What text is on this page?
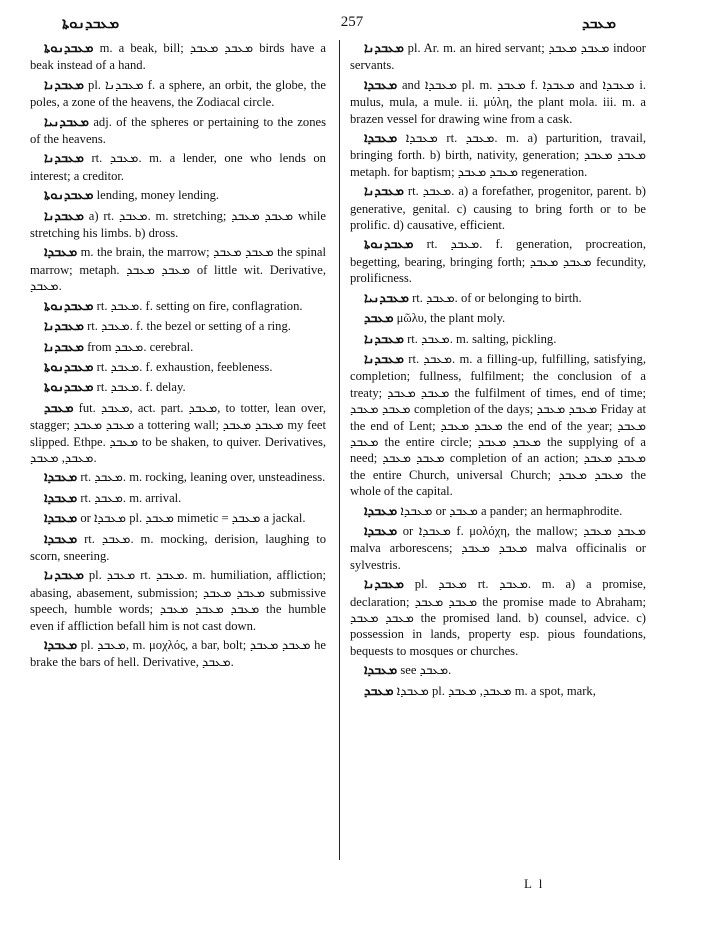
ܡܥܒܕܢܘܬܐ	257	ܡܥܒܕ
ܡܥܒܕܢܘܬܐ m. a beak, bill; ܡܥܒܕ ܡܥܒܕ birds have a beak instead of a hand.
ܡܥܒܕܢܐ pl. ܡܥܒܕܢܐ f. a sphere, an orbit, the globe, the poles, a zone of the heavens, the Zodiacal circle.
ܡܥܒܕܢܝܐ adj. of the spheres or pertaining to the zones of the heavens.
ܡܥܒܕܢܐ rt. ܡܥܒܕ. m. a lender, one who lends on interest; a creditor.
ܡܥܒܕܢܘܬܐ lending, money lending.
ܡܥܒܕܢܐ a) rt. ܡܥܒܕ. m. stretching; ܡܥܒܕ ܡܥܒܕ while stretching his limbs. b) dross.
ܡܥܒܕܐ m. the brain, the marrow; ܡܥܒܕ ܡܥܒܕ the spinal marrow; metaph. ܡܥܒܕ ܡܥܒܕ of little wit. Derivative, ܡܥܒܕ.
ܡܥܒܕܢܘܬܐ rt. ܡܥܒܕ. f. setting on fire, conflagration.
ܡܥܒܕܢܐ rt. ܡܥܒܕ. f. the bezel or setting of a ring.
ܡܥܒܕܢܐ from ܡܥܒܕ. cerebral.
ܡܥܒܕܢܘܬܐ rt. ܡܥܒܕ. f. exhaustion, feebleness.
ܡܥܒܕܢܘܬܐ rt. ܡܥܒܕ. f. delay.
ܡܥܒܕ fut. ܡܥܒܕ, act. part. ܡܥܒܕ, to totter, lean over, stagger; ܡܥܒܕ ܡܥܒܕ a tottering wall; ܡܥܒܕ ܡܥܒܕ my feet slipped. Ethpe. ܡܥܒܕ to be shaken, to quiver. Derivatives, ܡܥܒܕ, ܡܥܒܕ.
ܡܥܒܕܐ rt. ܡܥܒܕ. m. rocking, leaning over, unsteadiness.
ܡܥܒܕܐ rt. ܡܥܒܕ. m. arrival.
ܡܥܒܕܐ or ܡܥܒܕܐ pl. ܡܥܒܕ mimetic = ܡܥܒܕ a jackal.
ܡܥܒܕܐ rt. ܡܥܒܕ. m. mocking, derision, laughing to scorn, sneering.
ܡܥܒܕܢܐ pl. ܡܥܒܕ rt. ܡܥܒܕ. m. humiliation, affliction; abasing, abasement, submission; ܡܥܒܕ ܡܥܒܕ submissive speech, humble words; ܡܥܒܕ ܡܥܒܕ ܡܥܒܕ the humble even if affliction befall him is not cast down.
ܡܥܒܕܐ pl. ܡܥܒܕ, m. μοχλός, a bar, bolt; ܡܥܒܕ ܡܥܒܕ he brake the bars of hell. Derivative, ܡܥܒܕ.
ܡܥܒܕܢܐ pl. Ar. m. an hired servant; ܡܥܒܕ ܡܥܒܕ indoor servants.
ܡܥܒܕܐ and ܡܥܒܕܐ pl. m. ܡܥܒܕ f. ܡܥܒܕܐ and ܡܥܒܕܐ i. mulus, mula, a mule. ii. μύλη, the plant mola. iii. m. a brazen vessel for drawing wine from a cask.
ܡܥܒܕܐ ܡܥܒܕܐ rt. ܡܥܒܕ. m. a) parturition, travail, bringing forth. b) birth, nativity, generation; ܡܥܒܕ ܡܥܒܕ metaph. for baptism; ܡܥܒܕ ܡܥܒܕ regeneration.
ܡܥܒܕܢܐ rt. ܡܥܒܕ. a) a forefather, progenitor, parent. b) generative, genital. c) causing to bring forth or to be prolific. d) causative, efficient.
ܡܥܒܕܢܘܬܐ rt. ܡܥܒܕ. f. generation, procreation, begetting, bearing, bringing forth; ܡܥܒܕ ܡܥܒܕ fecundity, prolificness.
ܡܥܒܕܢܝܐ rt. ܡܥܒܕ. of or belonging to birth.
ܡܥܒܕ μῶλυ, the plant moly.
ܡܥܒܕܢܐ rt. ܡܥܒܕ. m. salting, pickling.
ܡܥܒܕܢܐ rt. ܡܥܒܕ. m. a filling-up, fulfilling, satisfying, completion; fullness, fulfilment; the conclusion of a treaty; ܡܥܒܕ ܡܥܒܕ the fulfilment of times, end of time; ܡܥܒܕ ܡܥܒܕ completion of the days; ܡܥܒܕ ܡܥܒܕ Friday at the end of Lent; ܡܥܒܕ ܡܥܒܕ the end of the year; ܡܥܒܕ ܡܥܒܕ the entire circle; ܡܥܒܕ ܡܥܒܕ the supplying of a need; ܡܥܒܕ ܡܥܒܕ completion of an action; ܡܥܒܕ ܡܥܒܕ the entire Church, universal Church; ܡܥܒܕ ܡܥܒܕ the whole of the capital.
ܡܥܒܕܐ ܡܥܒܕܐ or ܡܥܒܕ a pander; an hermaphrodite.
ܡܥܒܕܐ or ܡܥܒܕܐ f. μολόχη, the mallow; ܡܥܒܕ ܡܥܒܕ malva arborescens; ܡܥܒܕ ܡܥܒܕ malva officinalis or sylvestris.
ܡܥܒܕܢܐ pl. ܡܥܒܕ rt. ܡܥܒܕ. m. a) a promise, declaration; ܡܥܒܕ ܡܥܒܕ the promise made to Abraham; ܡܥܒܕ ܡܥܒܕ the promised land. b) counsel, advice. c) possession in lands, property esp. pious foundations, bequests to mosques or churches.
ܡܥܒܕܐ see ܡܥܒܕ.
ܡܥܒܕ ܡܥܒܕܐ pl. ܡܥܒܕ, ܡܥܒܕ m. a spot, mark,
L l
